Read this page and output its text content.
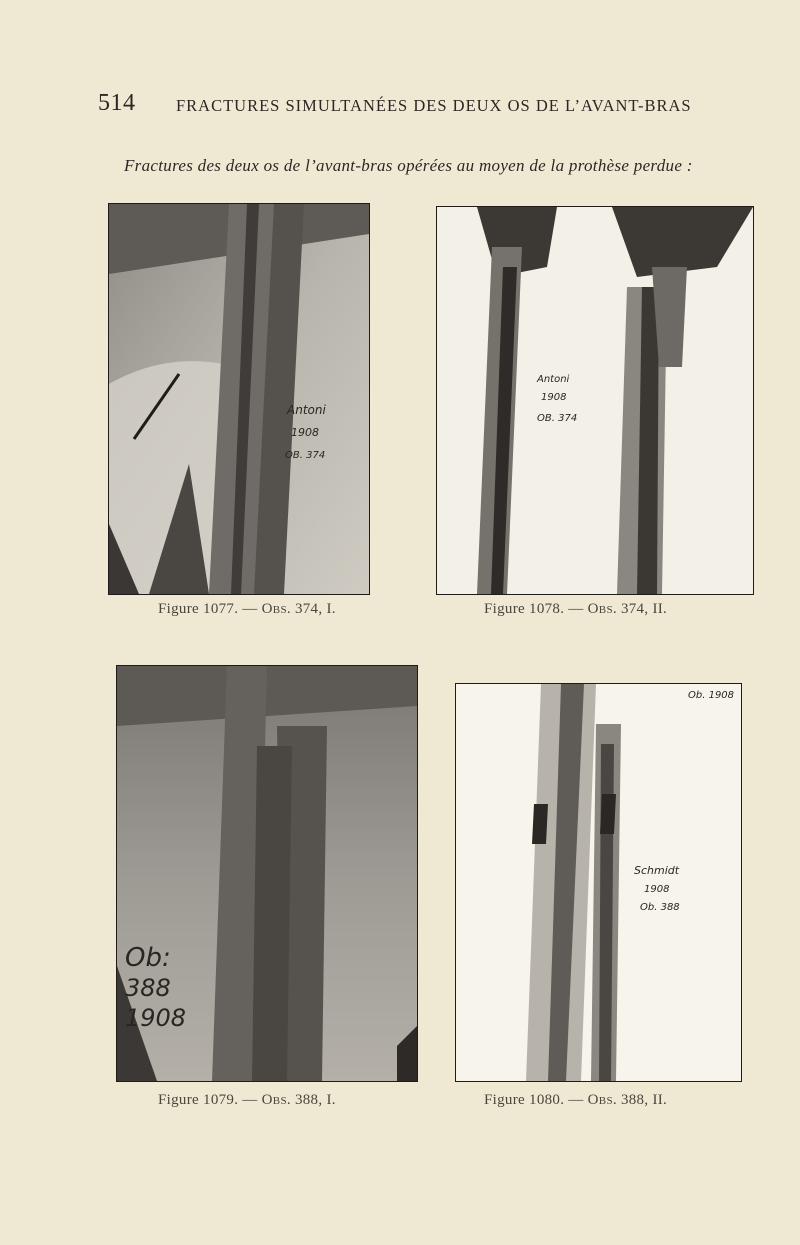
514 FRACTURES SIMULTANÉES DES DEUX OS DE L’AVANT-BRAS
Fractures des deux os de l’avant-bras opérées au moyen de la prothèse perdue :
Antoni
1908
OB. 374
Figure 1077. — Obs. 374, I.
Antoni
1908
OB. 374
Figure 1078. — Obs. 374, II.
Ob:
388
1908
Figure 1079. — Obs. 388, I.
Schmidt
1908
Ob. 388
Ob. 1908
Figure 1080. — Obs. 388, II.
